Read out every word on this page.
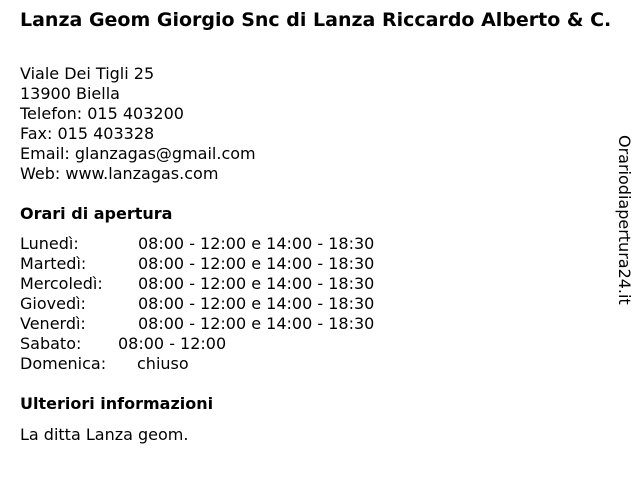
Lanza Geom Giorgio Snc di Lanza Riccardo Alberto & C.
Viale Dei Tigli 25
13900 Biella
Telefon: 015 403200
Fax: 015 403328
Email: glanzagas@gmail.com
Web: www.lanzagas.com
Orari di apertura
Lunedì:	08:00 - 12:00 e 14:00 - 18:30
Martedì:	08:00 - 12:00 e 14:00 - 18:30
Mercoledì: 08:00 - 12:00 e 14:00 - 18:30
Giovedì:	08:00 - 12:00 e 14:00 - 18:30
Venerdì:	08:00 - 12:00 e 14:00 - 18:30
Sabato: 08:00 - 12:00
Domenica: chiuso
Ulteriori informazioni
La ditta Lanza geom.
Orariodiapertura24.it
